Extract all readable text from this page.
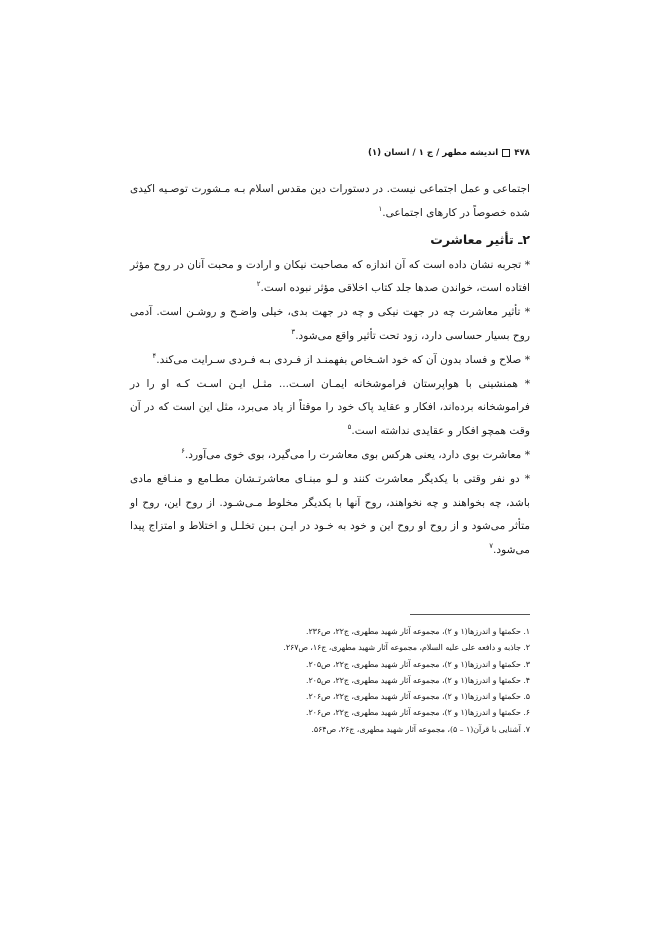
۴۷۸
اندیشه مطهر / ج ۱ / انسان (۱)

اجتماعی و عمل اجتماعی نیست. در دستورات دین مقدس اسلام بـه مـشورت توصـیه اکیدی شده خصوصاً در کارهای اجتماعی.$^۱$

۲ـ تأثیر معاشرت

* تجربه نشان داده است که آن اندازه که مصاحبت نیکان و ارادت و محبت آنان در روح مؤثر افتاده است، خواندن صدها جلد کتاب اخلاقی مؤثر نبوده است.$^۲$

* تأثیر معاشرت چه در جهت نیکی و چه در جهت بدی، خیلی واضـح و روشـن است. آدمی روح بسیار حساسی دارد، زود تحت تأثیر واقع می‌شود.$^۳$

* صلاح و فساد بدون آن که خود اشـخاص بفهمنـد از فـردی بـه فـردی سـرایت می‌کند.$^۴$

* همنشینی با هواپرستان فراموشخانه ایمـان اسـت... مثـل ایـن اسـت کـه او را در فراموشخانه برده‌اند، افکار و عقاید پاک خود را موقتاً از یاد می‌برد، مثل این است که در آن وقت همچو افکار و عقایدی نداشته است.$^۵$

* معاشرت بوی دارد، یعنی هرکس بوی معاشرت را می‌گیرد، بوی خوی می‌آورد.$^۶$

* دو نفر وقتی با یکدیگر معاشرت کنند و لـو مبنـای معاشرتـشان مطـامع و منـافع مادی باشد، چه بخواهند و چه نخواهند، روح آنها با یکدیگر مخلوط مـی‌شـود. از روح این، روح او متأثر می‌شود و از روح او روح این و خود به خـود در ایـن بـین تخلـل و اختلاط و امتزاج پیدا می‌شود.$^۷$

۱. حکمتها و اندرزها(۱ و ۲)، مجموعه آثار شهید مطهری، ج۲۲، ص۲۳۶.

۲. جاذبه و دافعه علی علیه السلام، مجموعه آثار شهید مطهری، ج۱۶، ص۲۶۷.

۳. حکمتها و اندرزها(۱ و ۲)، مجموعه آثار شهید مطهری، ج۲۲، ص۲۰۵.

۴. حکمتها و اندرزها(۱ و ۲)، مجموعه آثار شهید مطهری، ج۲۲، ص۲۰۵.

۵. حکمتها و اندرزها(۱ و ۲)، مجموعه آثار شهید مطهری، ج۲۲، ص۲۰۶.

۶. حکمتها و اندرزها(۱ و ۲)، مجموعه آثار شهید مطهری، ج۲۲، ص۲۰۶.

۷. آشنایی با قرآن(۱ – ۵)، مجموعه آثار شهید مطهری، ج۲۶، ص۵۶۴.
